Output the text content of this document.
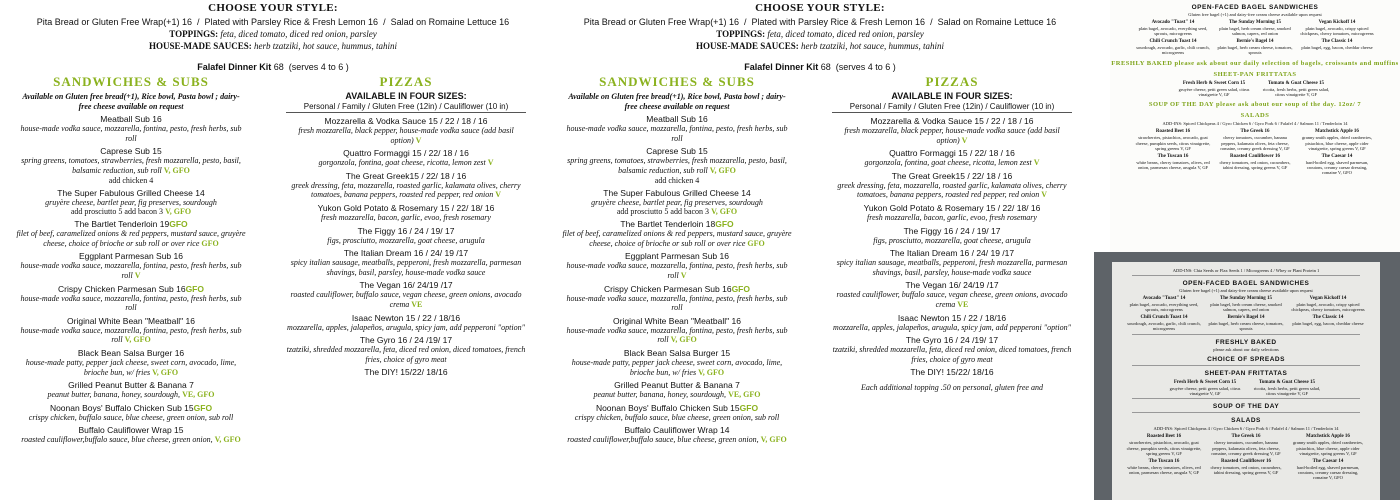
CHOOSE YOUR STYLE:
Pita Bread or Gluten Free Wrap(+1) 16  /  Plated with Parsley Rice & Fresh Lemon 16  /  Salad on Romaine Lettuce 16
TOPPINGS: feta, diced tomato, diced red onion, parsley
HOUSE-MADE SAUCES: herb tzatziki, hot sauce, hummus, tahini
Falafel Dinner Kit 68 (serves 4 to 6 )
SANDWICHES & SUBS
Available on Gluten free bread(+1), Rice bowl, Pasta bowl ; dairy-free cheese available on request
Meatball Sub 16
house-made vodka sauce, mozzarella, fontina, pesto, fresh herbs, sub roll
Caprese Sub 15
spring greens, tomatoes, strawberries, fresh mozzarella, pesto, basil, balsamic reduction, sub roll V, GFO
add chicken 4
The Super Fabulous Grilled Cheese 14
gruyère cheese, bartlet pear, fig preserves, sourdough
add prosciutto 5 add bacon 3 V, GFO
The Bartlet Tenderloin 19GFO
filet of beef, caramelized onions & red peppers, mustard sauce, gruyère cheese, choice of brioche or sub roll or over rice GFO
Eggplant Parmesan Sub 16
house-made vodka sauce, mozzarella, fontina, pesto, fresh herbs, sub roll V
Crispy Chicken Parmesan Sub 16GFO
house-made vodka sauce, mozzarella, fontina, pesto, fresh herbs, sub roll
Original White Bean "Meatball" 16
house-made vodka sauce, mozzarella, fontina, pesto, fresh herbs, sub roll V, GFO
Black Bean Salsa Burger 16
house-made patty, pepper jack cheese, sweet corn, avocado, lime, brioche bun, w/ fries V, GFO
Grilled Peanut Butter & Banana 7
peanut butter, banana, honey, sourdough, VE, GFO
Noonan Boys' Buffalo Chicken Sub 15GFO
crispy chicken, buffalo sauce, blue cheese, green onion, sub roll
Buffalo Cauliflower Wrap 15
roasted cauliflower,buffalo sauce, blue cheese, green onion, V, GFO
PIZZAS
AVAILABLE IN FOUR SIZES:
Personal / Family / Gluten Free (12in) / Cauliflower (10 in)
Mozzarella & Vodka Sauce 15 / 22 / 18 / 16
fresh mozzarella, black pepper, house-made vodka sauce (add basil option) V
Quattro Formaggi 15 / 22/ 18 / 16
gorgonzola, fontina, goat cheese, ricotta, lemon zest V
The Great Greek15 / 22/ 18 / 16
greek dressing, feta, mozzarella, roasted garlic, kalamata olives, cherry tomatoes, banana peppers, roasted red pepper, red onion V
Yukon Gold Potato & Rosemary 15 / 22/ 18/ 16
fresh mozzarella, bacon, garlic, evoo, fresh rosemary
The Figgy 16 / 24 / 19/ 17
figs, prosciutto, mozzarella, goat cheese, arugula
The Italian Dream 16 / 24/ 19 /17
spicy italian sausage, meatballs, pepperoni, fresh mozzarella, parmesan shavings, basil, parsley, house-made vodka sauce
The Vegan 16/ 24/19 /17
roasted cauliflower, buffalo sauce, vegan cheese, green onions, avocado crema VE
Isaac Newton 15 / 22 / 18/16
mozzarella, apples, jalapeños, arugula, spicy jam, add pepperoni "option"
The Gyro 16 / 24 /19/ 17
tzatziki, shredded mozzarella, feta, diced red onion, diced tomatoes, french fries, choice of gyro meat
The DIY! 15/22/ 18/16
CHOOSE YOUR STYLE:
Pita Bread or Gluten Free Wrap(+1) 16  /  Plated with Parsley Rice & Fresh Lemon 16  /  Salad on Romaine Lettuce 16
TOPPINGS: feta, diced tomato, diced red onion, parsley
HOUSE-MADE SAUCES: herb tzatziki, hot sauce, hummus, tahini
Falafel Dinner Kit 68 (serves 4 to 6 )
SANDWICHES & SUBS
Available on Gluten free bread(+1), Rice bowl, Pasta bowl ; dairy-free cheese available on request
Meatball Sub 16
house-made vodka sauce, mozzarella, fontina, pesto, fresh herbs, sub roll
Caprese Sub 15
spring greens, tomatoes, strawberries, fresh mozzarella, pesto, basil, balsamic reduction, sub roll V, GFO
add chicken 4
The Super Fabulous Grilled Cheese 14
gruyère cheese, bartlet pear, fig preserves, sourdough
add prosciutto 5 add bacon 3 V, GFO
The Bartlet Tenderloin 18GFO
filet of beef, caramelized onions & red peppers, mustard sauce, gruyère cheese, choice of brioche or sub roll or over rice GFO
Eggplant Parmesan Sub 16
house-made vodka sauce, mozzarella, fontina, pesto, fresh herbs, sub roll V
Crispy Chicken Parmesan Sub 16GFO
house-made vodka sauce, mozzarella, fontina, pesto, fresh herbs, sub roll
Original White Bean "Meatball" 16
house-made vodka sauce, mozzarella, fontina, pesto, fresh herbs, sub roll V, GFO
Black Bean Salsa Burger 15
house-made patty, pepper jack cheese, sweet corn, avocado, lime, brioche bun, w/ fries V, GFO
Grilled Peanut Butter & Banana 7
peanut butter, banana, honey, sourdough, VE, GFO
Noonan Boys' Buffalo Chicken Sub 15GFO
crispy chicken, buffalo sauce, blue cheese, green onion, sub roll
Buffalo Cauliflower Wrap 14
roasted cauliflower,buffalo sauce, blue cheese, green onion, V, GFO
PIZZAS
AVAILABLE IN FOUR SIZES:
Personal / Family / Gluten Free (12in) / Cauliflower (10 in)
Mozzarella & Vodka Sauce 15 / 22 / 18 / 16
fresh mozzarella, black pepper, house-made vodka sauce (add basil option) V
Quattro Formaggi 15 / 22/ 18 / 16
gorgonzola, fontina, goat cheese, ricotta, lemon zest V
The Great Greek15 / 22/ 18 / 16
greek dressing, feta, mozzarella, roasted garlic, kalamata olives, cherry tomatoes, banana peppers, roasted red pepper, red onion V
Yukon Gold Potato & Rosemary 15 / 22/ 18/ 16
fresh mozzarella, bacon, garlic, evoo, fresh rosemary
The Figgy 16 / 24 / 19/ 17
figs, prosciutto, mozzarella, goat cheese, arugula
The Italian Dream 16 / 24/ 19 /17
spicy italian sausage, meatballs, pepperoni, fresh mozzarella, parmesan shavings, basil, parsley, house-made vodka sauce
The Vegan 16/ 24/19 /17
roasted cauliflower, buffalo sauce, vegan cheese, green onions, avocado crema VE
Isaac Newton 15 / 22 / 18/16
mozzarella, apples, jalapeños, arugula, spicy jam, add pepperoni "option"
The Gyro 16 / 24 /19/ 17
tzatziki, shredded mozzarella, feta, diced red onion, diced tomatoes, french fries, choice of gyro meat
The DIY! 15/22/ 18/16
Each additional topping .50 on personal, gluten free and
OPEN-FACED BAGEL SANDWICHES
Gluten free bagel (+1) and dairy-free cream cheese available upon request
Avocado "Toast" 14
plain bagel, avocado, everything seed, sprouts, microgreens
The Sunday Morning 15
plain bagel, herb cream cheese, smoked salmon, capers, red onion
Vegan Kickoff 14
plain bagel, avocado, crispy spiced chickpeas, cherry tomatoes, microgreens
Chili Crunch Toast 14
sourdough, avocado, garlic, chili crunch, microgreens
Bernie's Bagel 14
plain bagel, herb cream cheese, tomatoes, sprouts
The Classic 14
plain bagel, egg, bacon, cheddar cheese
FRESHLY BAKED please ask about our daily selection of bagels, croissants and muffins
SHEET-PAN FRITTATAS
Fresh Herb & Sweet Corn 15
gruyère cheese, petit green salad, citrus vinaigrette V, GF
Tomato & Goat Cheese 15
ricotta, fresh herbs, petit green salad, citrus vinaigrette V, GF
SOUP OF THE DAY please ask about our soup of the day. 12oz/ 7
SALADS
ADD-INS: Spiced Chickpeas 4 / Gyro Chicken 6 / Gyro Pork 6 / Falafel 4 / Salmon 11 / Tenderloin 14
Roasted Beet 16
strawberries, pistachios, avocado, goat cheese, pumpkin seeds, citrus vinaigrette, spring greens V, GF
The Greek 16
cherry tomatoes, cucumber, banana peppers, kalamata olives, feta cheese, romaine, creamy greek dressing V, GF
Matchstick Apple 16
granny smith apples, dried cranberries, pistachios, blue cheese, apple cider vinaigrette, spring greens V, GF
The Tuscan 16
white beans, cherry tomatoes, olives, red onion, parmesan cheese, arugula V, GF
Roasted Cauliflower 16
cherry tomatoes, red onion, cucumbers, tahini dressing, spring greens V, GF
The Caesar 14
hard-boiled egg, shaved parmesan, croutons, creamy caesar dressing, romaine V, GFO
ADD-INS: Chia Seeds or Flax Seeds 1 / Microgreens 4 / Whey or Plant Protein 1
OPEN-FACED BAGEL SANDWICHES
Gluten free bagel (+1) and dairy-free cream cheese available upon request
Avocado "Toast" 14
plain bagel, avocado, everything seed, sprouts, microgreens
The Sunday Morning 15
plain bagel, herb cream cheese, smoked salmon, capers, red onion
Vegan Kickoff 14
plain bagel, avocado, crispy spiced chickpeas, cherry tomatoes, microgreens
Chili Crunch Toast 14
sourdough, avocado, garlic, chili crunch, microgreens
Bernie's Bagel 14
plain bagel, herb cream cheese, tomatoes, sprouts
The Classic 14
plain bagel, egg, bacon, cheddar cheese
FRESHLY BAKED
please ask about our daily selections
CHOICE OF SPREADS
SHEET-PAN FRITTATAS
Fresh Herb & Sweet Corn 15
gruyère cheese, petit green salad, citrus vinaigrette V, GF
Tomato & Goat Cheese 15
ricotta, fresh herbs, petit green salad, citrus vinaigrette V, GF
SOUP OF THE DAY
SALADS
ADD-INS: Spiced Chickpeas 4 / Gyro Chicken 6 / Gyro Pork 6 / Falafel 4 / Salmon 11 / Tenderloin 14
Roasted Beet 16
strawberries, pistachios, avocado, goat cheese, pumpkin seeds, citrus vinaigrette, spring greens V, GF
The Greek 16
cherry tomatoes, cucumber, banana peppers, kalamata olives, feta cheese, romaine, creamy greek dressing V, GF
Matchstick Apple 16
granny smith apples, dried cranberries, pistachios, blue cheese, apple cider vinaigrette, spring greens V, GF
The Tuscan 16
white beans, cherry tomatoes, olives, red onion, parmesan cheese, arugula V, GF
Roasted Cauliflower 16
cherry tomatoes, red onion, cucumbers, tahini dressing, spring greens V, GF
The Caesar 14
hard-boiled egg, shaved parmesan, croutons, creamy caesar dressing, romaine V, GFO
